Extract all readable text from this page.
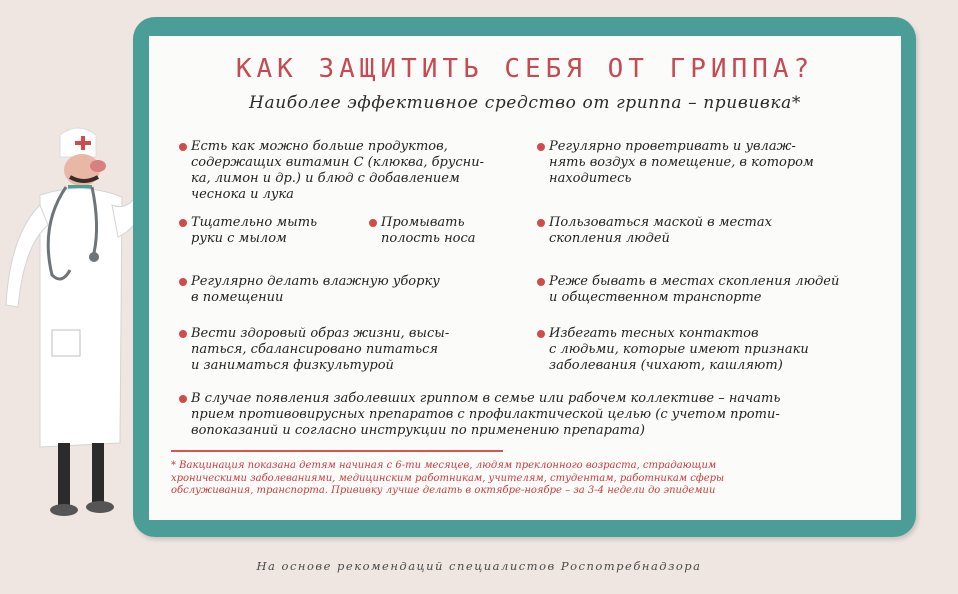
КАК ЗАЩИТИТЬ СЕБЯ ОТ ГРИППА?
Наиболее эффективное средство от гриппа – прививка*
Есть как можно больше продуктов,
содержащих витамин С (клюква, брусни-
ка, лимон и др.) и блюд с добавлением
чеснока и лука
Регулярно проветривать и увлаж-
нять воздух в помещение, в котором
находитесь
Тщательно мыть
руки с мылом
Промывать
полость носа
Пользоваться маской в местах
скопления людей
Регулярно делать влажную уборку
в помещении
Реже бывать в местах скопления людей
и общественном транспорте
Вести здоровый образ жизни, высы-
паться, сбалансировано питаться
и заниматься физкультурой
Избегать тесных контактов
с людьми, которые имеют признаки
заболевания (чихают, кашляют)
В случае появления заболевших гриппом в семье или рабочем коллективе – начать
прием противовирусных препаратов с профилактической целью (с учетом проти-
вопоказаний и согласно инструкции по применению препарата)
* Вакцинация показана детям начиная с 6-ти месяцев, людям преклонного возраста, страдающим
хроническими заболеваниями, медицинским работникам, учителям, студентам, работникам сферы
обслуживания, транспорта. Прививку лучше делать в октябре-ноябре – за 3-4 недели до эпидемии
На основе рекомендаций специалистов Роспотребнадзора
